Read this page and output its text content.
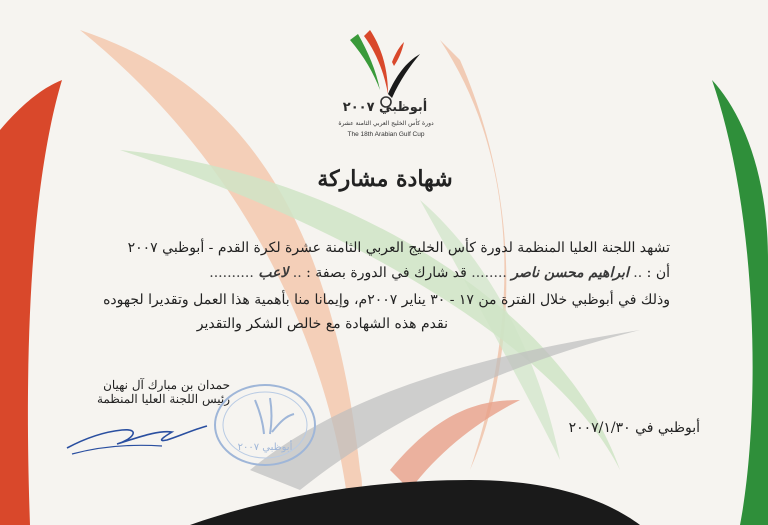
أبوظبي ٢٠٠٧
دورة كأس الخليج العربي الثامنة عشرة
The 18th Arabian Gulf Cup
شهادة مشاركة
تشهد اللجنة العليا المنظمة لدورة كأس الخليج العربي الثامنة عشرة لكرة القدم - أبوظبي ٢٠٠٧
أن : .. ابراهيم محسن ناصر ........ قد شارك في الدورة بصفة : .. لاعب ..........
وذلك في أبوظبي خلال الفترة من ١٧ - ٣٠ يناير ٢٠٠٧م، وإيمانا منا بأهمية هذا العمل وتقديرا لجهوده
نقدم هذه الشهادة مع خالص الشكر والتقدير
حمدان بن مبارك آل نهيان
رئيس اللجنة العليا المنظمة
أبوظبي ٢٠٠٧
أبوظبي في ٢٠٠٧/١/٣٠
